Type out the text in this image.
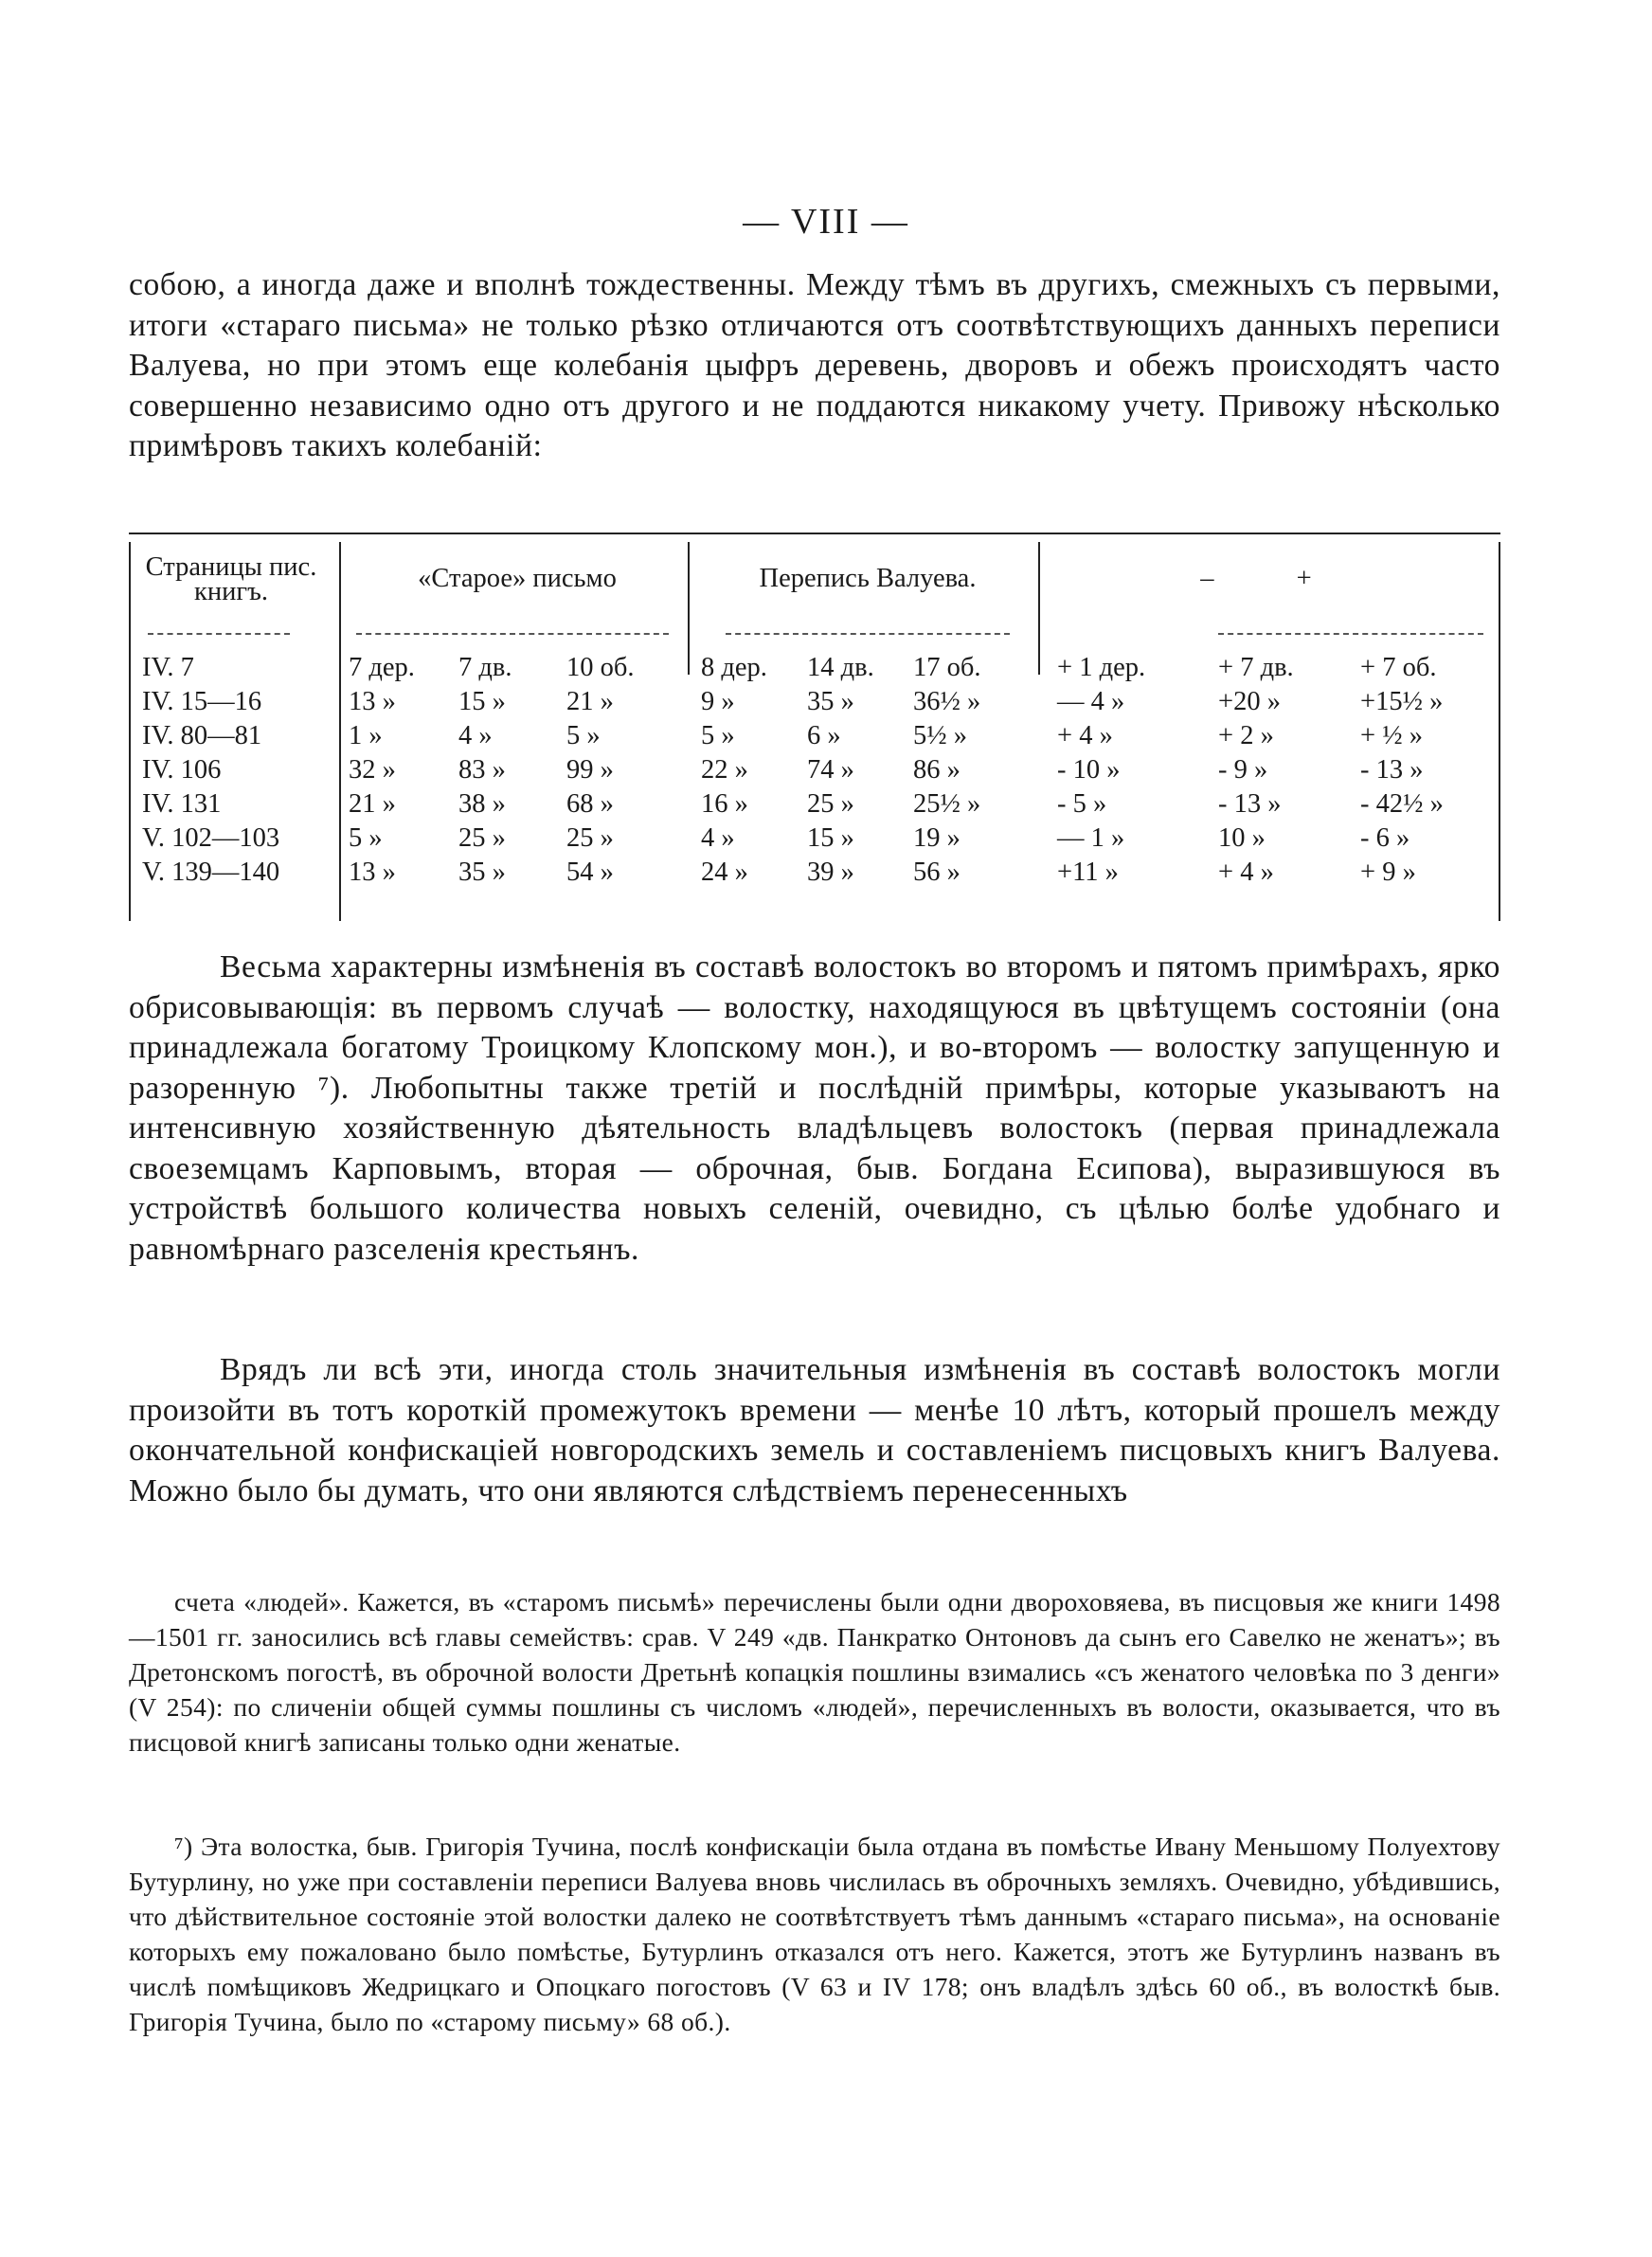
— VIII —

собою, а иногда даже и вполнѣ тождественны. Между тѣмъ въ другихъ, смежныхъ съ первыми, итоги «стараго письма» не только рѣзко отличаются отъ соотвѣтствующихъ данныхъ переписи Валуева, но при этомъ еще колебанія цыфръ деревень, дворовъ и обежъ происходятъ часто совершенно независимо одно отъ другого и не поддаются никакому учету. Привожу нѣсколько примѣровъ такихъ колебаній:

Страницы пис. книгъ.	«Старое» письмо	Перепись Валуева.	– +
IV. 7	7 дер.	7 дв.	10 об.	8 дер.	14 дв.	17 об.	+ 1 дер.	+ 7 дв.	+ 7 об.
IV. 15—16	13 »	15 »	21 »	9 »	35 »	36½ »	— 4 »	+20 »	+15½ »
IV. 80—81	1 »	4 »	5 »	5 »	6 »	5½ »	+ 4 »	+ 2 »	+ ½ »
IV. 106	32 »	83 »	99 »	22 »	74 »	86 »	- 10 »	- 9 »	- 13 »
IV. 131	21 »	38 »	68 »	16 »	25 »	25½ »	- 5 »	- 13 »	- 42½ »
V. 102—103	5 »	25 »	25 »	4 »	15 »	19 »	— 1 »	10 »	- 6 »
V. 139—140	13 »	35 »	54 »	24 »	39 »	56 »	+11 »	+ 4 »	+ 9 »

Весьма характерны измѣненія въ составѣ волостокъ во второмъ и пятомъ примѣрахъ, ярко обрисовывающія: въ первомъ случаѣ — волостку, находящуюся въ цвѣтущемъ состояніи (она принадлежала богатому Троицкому Клопскому мон.), и во-второмъ — волостку запущенную и разоренную ⁷). Любопытны также третій и послѣдній примѣры, которые указываютъ на интенсивную хозяйственную дѣятельность владѣльцевъ волостокъ (первая принадлежала своеземцамъ Карповымъ, вторая — оброчная, быв. Богдана Есипова), выразившуюся въ устройствѣ большого количества новыхъ селеній, очевидно, съ цѣлью болѣе удобнаго и равномѣрнаго разселенія крестьянъ.

Врядъ ли всѣ эти, иногда столь значительныя измѣненія въ составѣ волостокъ могли произойти въ тотъ короткій промежутокъ времени — менѣе 10 лѣтъ, который прошелъ между окончательной конфискаціей новгородскихъ земель и составленіемъ писцовыхъ книгъ Валуева. Можно было бы думать, что они являются слѣдствіемъ перенесенныхъ

счета «людей». Кажется, въ «старомъ письмѣ» перечислены были одни двороховяева, въ писцовыя же книги 1498—1501 гг. заносились всѣ главы семействъ: срав. V 249 «дв. Панкратко Онтоновъ да сынъ его Савелко не женатъ»; въ Дретонскомъ погостѣ, въ оброчной волости Дретьнѣ копацкія пошлины взимались «съ женатого человѣка по 3 денги» (V 254): по сличеніи общей суммы пошлины съ числомъ «людей», перечисленныхъ въ волости, оказывается, что въ писцовой книгѣ записаны только одни женатые.

⁷) Эта волостка, быв. Григорія Тучина, послѣ конфискаціи была отдана въ помѣстье Ивану Меньшому Полуехтову Бутурлину, но уже при составленіи переписи Валуева вновь числилась въ оброчныхъ земляхъ. Очевидно, убѣдившись, что дѣйствительное состояніе этой волостки далеко не соотвѣтствуетъ тѣмъ даннымъ «стараго письма», на основаніе которыхъ ему пожаловано было помѣстье, Бутурлинъ отказался отъ него. Кажется, этотъ же Бутурлинъ названъ въ числѣ помѣщиковъ Жедрицкаго и Опоцкаго погостовъ (V 63 и IV 178; онъ владѣлъ здѣсь 60 об., въ волосткѣ быв. Григорія Тучина, было по «старому письму» 68 об.).
